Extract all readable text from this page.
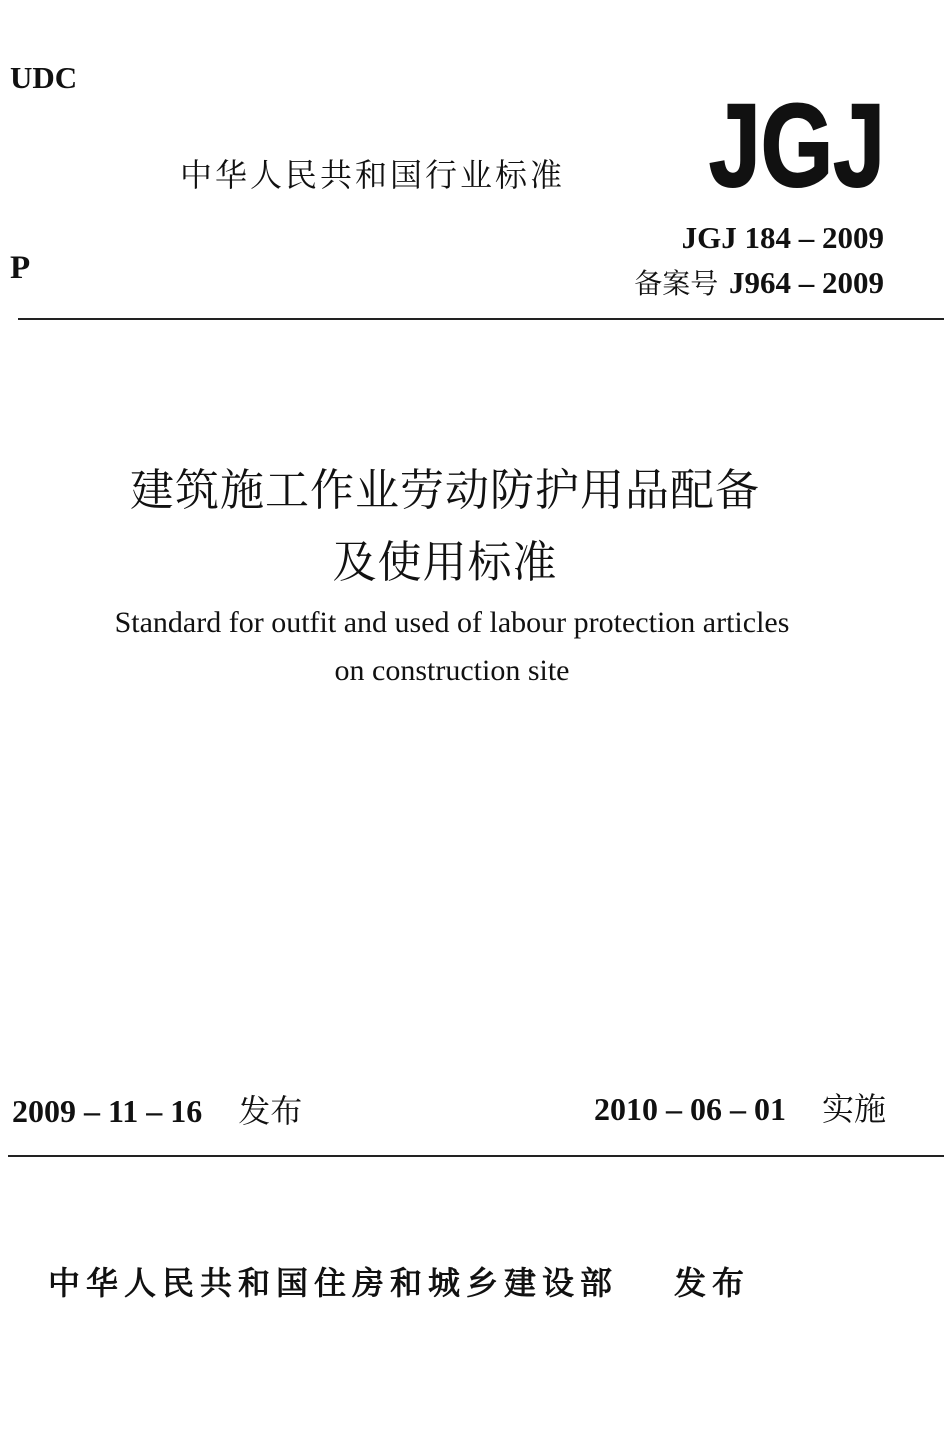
UDC
中华人民共和国行业标准 JGJ
P
JGJ 184 – 2009
备案号 J964 – 2009
建筑施工作业劳动防护用品配备
及使用标准
Standard for outfit and used of labour protection articles
on construction site
2009 – 11 – 16 发布	2010 – 06 – 01 实施
中华人民共和国住房和城乡建设部 发布
